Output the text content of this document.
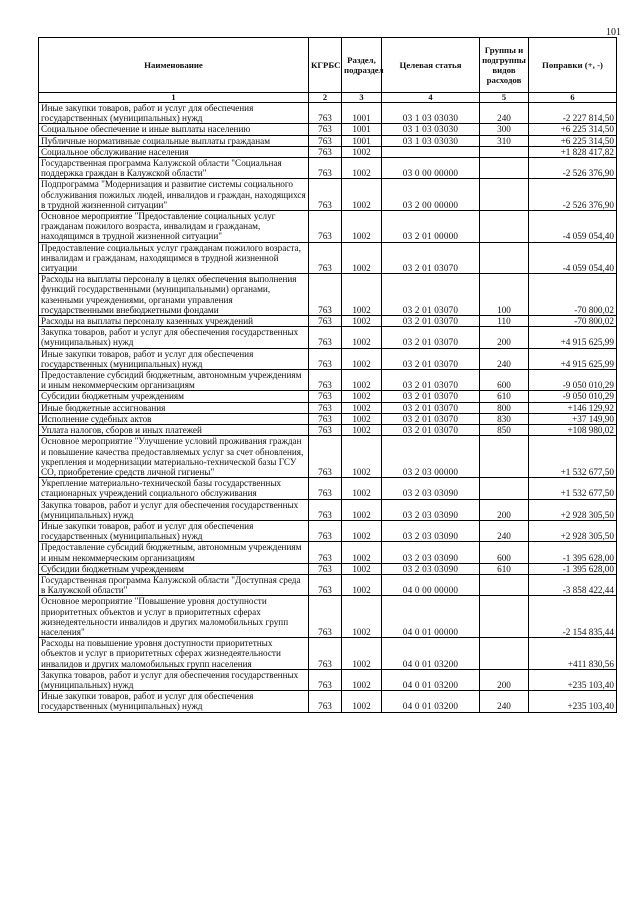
101
Наименование	КГРБС	Раздел, подраздел	Целевая статья	Группы и подгруппы видов расходов	Поправки (+, -)
1	2	3	4	5	6
Иные закупки товаров, работ и услуг для обеспечения государственных (муниципальных) нужд	763	1001	03 1 03 03030	240	-2 227 814,50
Социальное обеспечение и иные выплаты населению	763	1001	03 1 03 03030	300	+6 225 314,50
Публичные нормативные социальные выплаты гражданам	763	1001	03 1 03 03030	310	+6 225 314,50
Социальное обслуживание населения	763	1002			+1 828 417,82
Государственная программа Калужской области "Социальная поддержка граждан в Калужской области"	763	1002	03 0 00 00000		-2 526 376,90
Подпрограмма "Модернизация и развитие системы социального обслуживания пожилых людей, инвалидов и граждан, находящихся в трудной жизненной ситуации"	763	1002	03 2 00 00000		-2 526 376,90
Основное мероприятие "Предоставление социальных услуг гражданам пожилого возраста, инвалидам и гражданам, находящимся в трудной жизненной ситуации"	763	1002	03 2 01 00000		-4 059 054,40
Предоставление социальных услуг гражданам пожилого возраста, инвалидам и гражданам, находящимся в трудной жизненной ситуации	763	1002	03 2 01 03070		-4 059 054,40
Расходы на выплаты персоналу в целях обеспечения выполнения функций государственными (муниципальными) органами, казенными учреждениями, органами управления государственными внебюджетными фондами	763	1002	03 2 01 03070	100	-70 800,02
Расходы на выплаты персоналу казенных учреждений	763	1002	03 2 01 03070	110	-70 800,02
Закупка товаров, работ и услуг для обеспечения государственных (муниципальных) нужд	763	1002	03 2 01 03070	200	+4 915 625,99
Иные закупки товаров, работ и услуг для обеспечения государственных (муниципальных) нужд	763	1002	03 2 01 03070	240	+4 915 625,99
Предоставление субсидий бюджетным, автономным учреждениям и иным некоммерческим организациям	763	1002	03 2 01 03070	600	-9 050 010,29
Субсидии бюджетным учреждениям	763	1002	03 2 01 03070	610	-9 050 010,29
Иные бюджетные ассигнования	763	1002	03 2 01 03070	800	+146 129,92
Исполнение судебных актов	763	1002	03 2 01 03070	830	+37 149,90
Уплата налогов, сборов и иных платежей	763	1002	03 2 01 03070	850	+108 980,02
Основное мероприятие "Улучшение условий проживания граждан и повышение качества предоставляемых услуг за счет обновления, укрепления и модернизации материально-технической базы ГСУ СО, приобретение средств личной гигиены"	763	1002	03 2 03 00000		+1 532 677,50
Укрепление материально-технической базы государственных стационарных учреждений социального обслуживания	763	1002	03 2 03 03090		+1 532 677,50
Закупка товаров, работ и услуг для обеспечения государственных (муниципальных) нужд	763	1002	03 2 03 03090	200	+2 928 305,50
Иные закупки товаров, работ и услуг для обеспечения государственных (муниципальных) нужд	763	1002	03 2 03 03090	240	+2 928 305,50
Предоставление субсидий бюджетным, автономным учреждениям и иным некоммерческим организациям	763	1002	03 2 03 03090	600	-1 395 628,00
Субсидии бюджетным учреждениям	763	1002	03 2 03 03090	610	-1 395 628,00
Государственная программа Калужской области "Доступная среда в Калужской области"	763	1002	04 0 00 00000		-3 858 422,44
Основное мероприятие "Повышение уровня доступности приоритетных объектов и услуг в приоритетных сферах жизнедеятельности инвалидов и других маломобильных групп населения"	763	1002	04 0 01 00000		-2 154 835,44
Расходы на повышение уровня доступности приоритетных объектов и услуг в приоритетных сферах жизнедеятельности инвалидов и других маломобильных групп населения	763	1002	04 0 01 03200		+411 830,56
Закупка товаров, работ и услуг для обеспечения государственных (муниципальных) нужд	763	1002	04 0 01 03200	200	+235 103,40
Иные закупки товаров, работ и услуг для обеспечения государственных (муниципальных) нужд	763	1002	04 0 01 03200	240	+235 103,40
